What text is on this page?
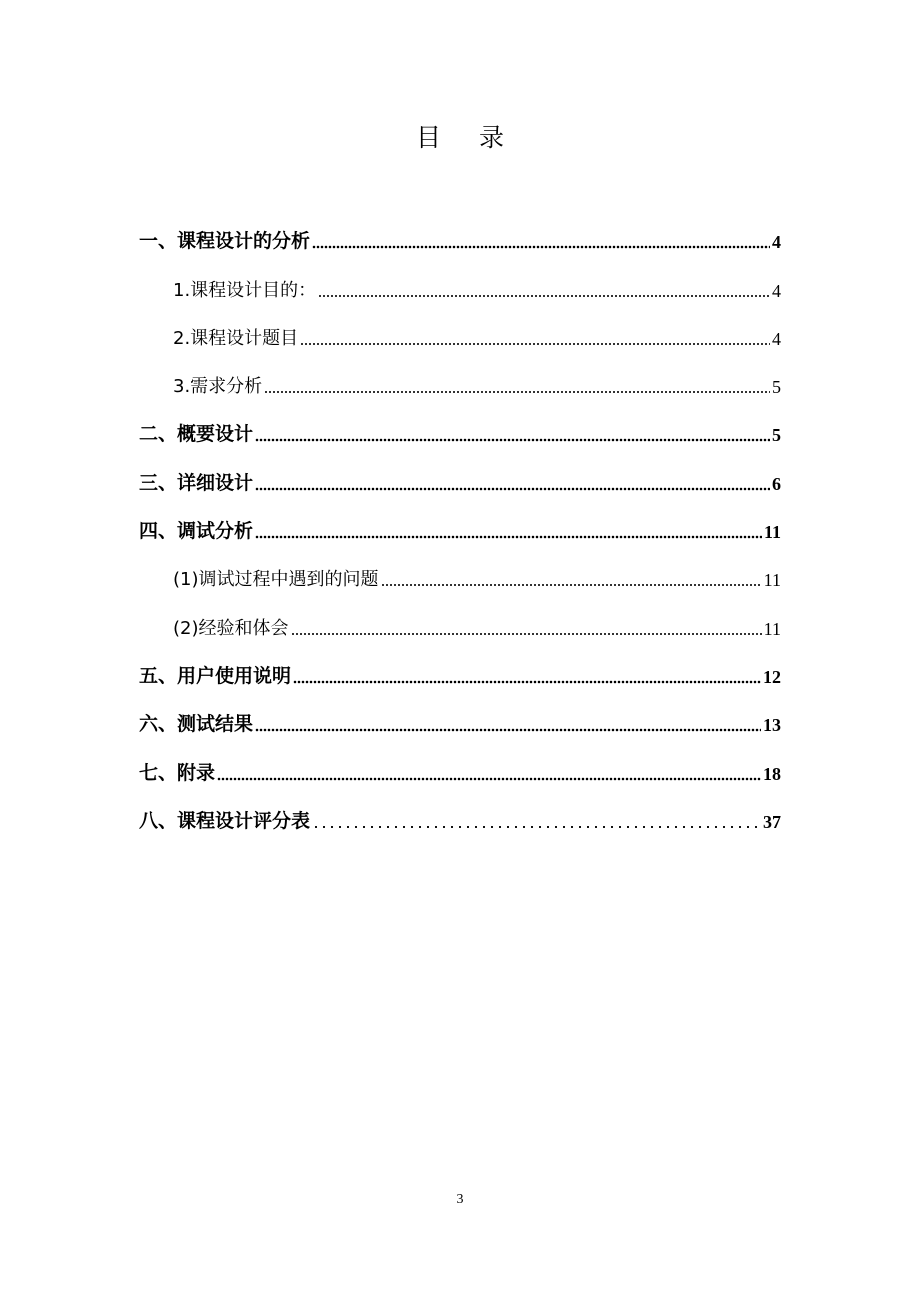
目录
一、课程设计的分析	4
1.课程设计目的：	4
2.课程设计题目	4
3.需求分析	5
二、概要设计	5
三、详细设计	6
四、调试分析	11
(1)调试过程中遇到的问题	11
(2)经验和体会	11
五、用户使用说明	12
六、测试结果	13
七、附录	18
八、课程设计评分表	37
3
